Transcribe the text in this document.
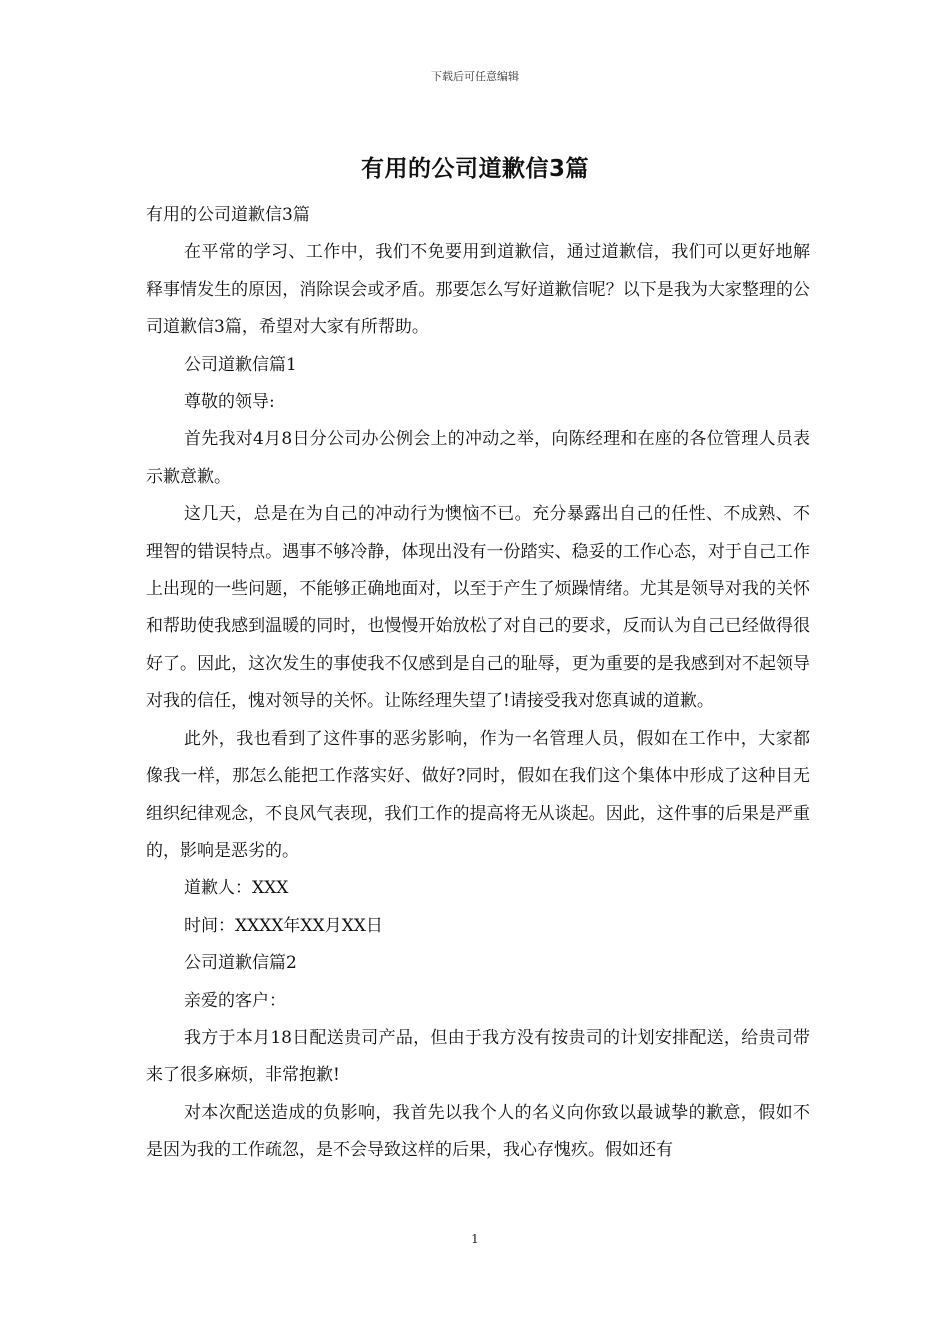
下载后可任意编辑
有用的公司道歉信3篇

有用的公司道歉信3篇

在平常的学习、工作中，我们不免要用到道歉信，通过道歉信，我们可以更好地解释事情发生的原因，消除误会或矛盾。那要怎么写好道歉信呢？以下是我为大家整理的公司道歉信3篇，希望对大家有所帮助。

公司道歉信篇1

尊敬的领导:

首先我对4月8日分公司办公例会上的冲动之举，向陈经理和在座的各位管理人员表示歉意歉。

这几天，总是在为自己的冲动行为懊恼不已。充分暴露出自己的任性、不成熟、不理智的错误特点。遇事不够冷静，体现出没有一份踏实、稳妥的工作心态，对于自己工作上出现的一些问题，不能够正确地面对，以至于产生了烦躁情绪。尤其是领导对我的关怀和帮助使我感到温暖的同时，也慢慢开始放松了对自己的要求，反而认为自己已经做得很好了。因此，这次发生的事使我不仅感到是自己的耻辱，更为重要的是我感到对不起领导对我的信任，愧对领导的关怀。让陈经理失望了!请接受我对您真诚的道歉。

此外，我也看到了这件事的恶劣影响，作为一名管理人员，假如在工作中，大家都像我一样，那怎么能把工作落实好、做好?同时，假如在我们这个集体中形成了这种目无组织纪律观念，不良风气表现，我们工作的提高将无从谈起。因此，这件事的后果是严重的，影响是恶劣的。

道歉人：XXX

时间：XXXX年XX月XX日

公司道歉信篇2

亲爱的客户：

我方于本月18日配送贵司产品，但由于我方没有按贵司的计划安排配送，给贵司带来了很多麻烦，非常抱歉!

对本次配送造成的负影响，我首先以我个人的名义向你致以最诚挚的歉意，假如不是因为我的工作疏忽，是不会导致这样的后果，我心存愧疚。假如还有

1
